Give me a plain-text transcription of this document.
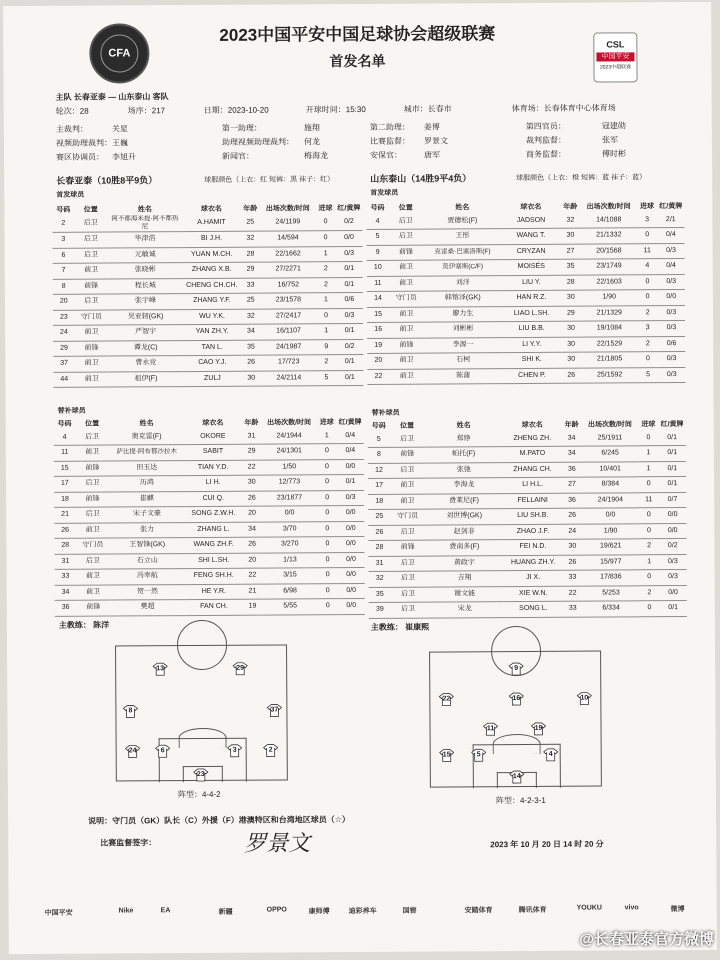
CFA
CSL
中国平安
2023中超联赛
2023中国平安中国足球协会超级联赛
首发名单
主队 长春亚泰 — 山东泰山 客队
轮次：28	场序：217	日期：2023-10-20	开球时间：15:30	城市：长春市	体育场：长春体育中心体育场
主裁判：	关星	第一助理：	施翔	第二助理： 姜博	第四官员：	寇建勋
视频助理裁判： 王巍	助理视频助理裁判： 何龙	比赛监督： 罗景文	裁判监督：	张军
赛区协调员： 李旭升	新闻官：	梅海龙	安保官：	唐军	商务监督：	傅时彬
长春亚泰（10胜8平9负）	球服颜色（上衣：红 短裤：黑 袜子：红）	山东泰山（14胜9平4负）	球服颜色（上衣：橙 短裤：蓝 袜子：蓝）
首发球员	首发球员
号码	位置	姓名	球衣名	年龄	出场次数/时间	进球	红/黄牌
2	后卫	阿不都海米提·阿不都热尼	A.HAMIT	25	24/1199	0	0/2
3	后卫	毕津浩	BI J.H.	32	14/594	0	0/0
6	后卫	元敏诚	YUAN M.CH.	28	22/1662	1	0/3
7	前卫	张晓彬	ZHANG X.B.	29	27/2271	2	0/1
8	前锋	程长城	CHENG CH.CH.	33	16/752	2	0/1
20	后卫	张宇峰	ZHANG Y.F.	25	23/1578	1	0/6
23	守门员	吴亚轫(GK)	WU Y.K.	32	27/2417	0	0/3
24	前卫	严智宇	YAN ZH.Y.	34	16/1107	1	0/1
29	前锋	谭龙(C)	TAN L.	35	24/1987	9	0/2
37	前卫	曹永竞	CAO Y.J.	26	17/723	2	0/1
44	前卫	祖伊(F)	ZULJ	30	24/2114	5	0/1
号码	位置	姓名	球衣名	年龄	出场次数/时间	进球	红/黄牌
4	后卫	贾德松(F)	JADSON	32	14/1088	3	2/1
5	后卫	王彤	WANG T.	30	21/1332	0	0/4
9	前锋	克雷桑·巴塞洛斯(F)	CRYZAN	27	20/1568	11	0/3
10	前卫	莫伊塞斯(C/F)	MOISÉS	35	23/1749	4	0/4
11	前卫	刘洋	LIU Y.	28	22/1603	0	0/3
14	守门员	韩镕泽(GK)	HAN R.Z.	30	1/90	0	0/0
15	前卫	廖力生	LIAO L.SH.	29	21/1329	2	0/3
16	前卫	刘彬彬	LIU B.B.	30	19/1084	3	0/3
19	前锋	李源一	LI Y.Y.	30	22/1529	2	0/6
20	前卫	石柯	SHI K.	30	21/1805	0	0/3
22	前卫	陈蒲	CHEN P.	26	25/1592	5	0/3
替补球员	替补球员
号码	位置	姓名	球衣名	年龄	出场次数/时间	进球	红/黄牌
4	后卫	奥克雷(F)	OKORE	31	24/1944	1	0/4
11	前卫	萨比提·阿布都沙拉木	SABIT	29	24/1301	0	0/4
15	前锋	田玉达	TIAN Y.D.	22	1/50	0	0/0
17	后卫	历鸿	LI H.	30	12/773	0	0/1
18	前锋	崔麒	CUI Q.	26	23/1877	0	0/3
21	后卫	宋子文豪	SONG Z.W.H.	20	0/0	0	0/0
26	前卫	张力	ZHANG L.	34	3/70	0	0/0
28	守门员	王智锋(GK)	WANG ZH.F.	26	3/270	0	0/0
31	后卫	石立山	SHI L.SH.	20	1/13	0	0/0
33	前卫	冯率航	FENG SH.H.	22	3/15	0	0/0
34	前卫	贺一然	HE Y.R.	21	6/98	0	0/0
36	前锋	樊超	FAN CH.	19	5/55	0	0/0
号码	位置	姓名	球衣名	年龄	出场次数/时间	进球	红/黄牌
5	后卫	郑铮	ZHENG ZH.	34	25/1911	0	0/1
8	前锋	帕托(F)	M.PATO	34	6/245	1	0/1
12	后卫	张弛	ZHANG CH.	36	10/401	1	0/1
17	前卫	李海龙	LI H.L.	27	8/384	0	0/1
18	前卫	费莱尼(F)	FELLAINI	36	24/1904	11	0/7
25	守门员	刘世博(GK)	LIU SH.B.	26	0/0	0	0/0
26	后卫	赵剑非	ZHAO J.F.	24	1/90	0	0/0
28	前锋	费南多(F)	FEI N.D.	30	19/621	2	0/2
31	后卫	黄政宇	HUANG ZH.Y.	26	15/977	1	0/3
32	后卫	吉翔	JI X.	33	17/836	0	0/3
35	后卫	谢文能	XIE W.N.	22	5/253	2	0/0
39	后卫	宋龙	SONG L.	33	6/334	0	0/1
主教练： 陈洋	主教练： 崔康熙
13	29
8	37
24	6	3	2
23
阵型：4-4-2
9
22	16	10
11	19
15	5	4
14
阵型：4-2-3-1
说明：守门员（GK）队长（C）外援（F）港澳特区和台湾地区球员（☆）
比赛监督签字：	罗景文	2023 年 10 月 20 日 14 时 20 分
中国平安	Nike	EA	新疆	OPPO	康师傅	迪彩养车	国窖	安踏体育	腾讯体育	YOUKU	vivo	微博
@长春亚泰官方微博
